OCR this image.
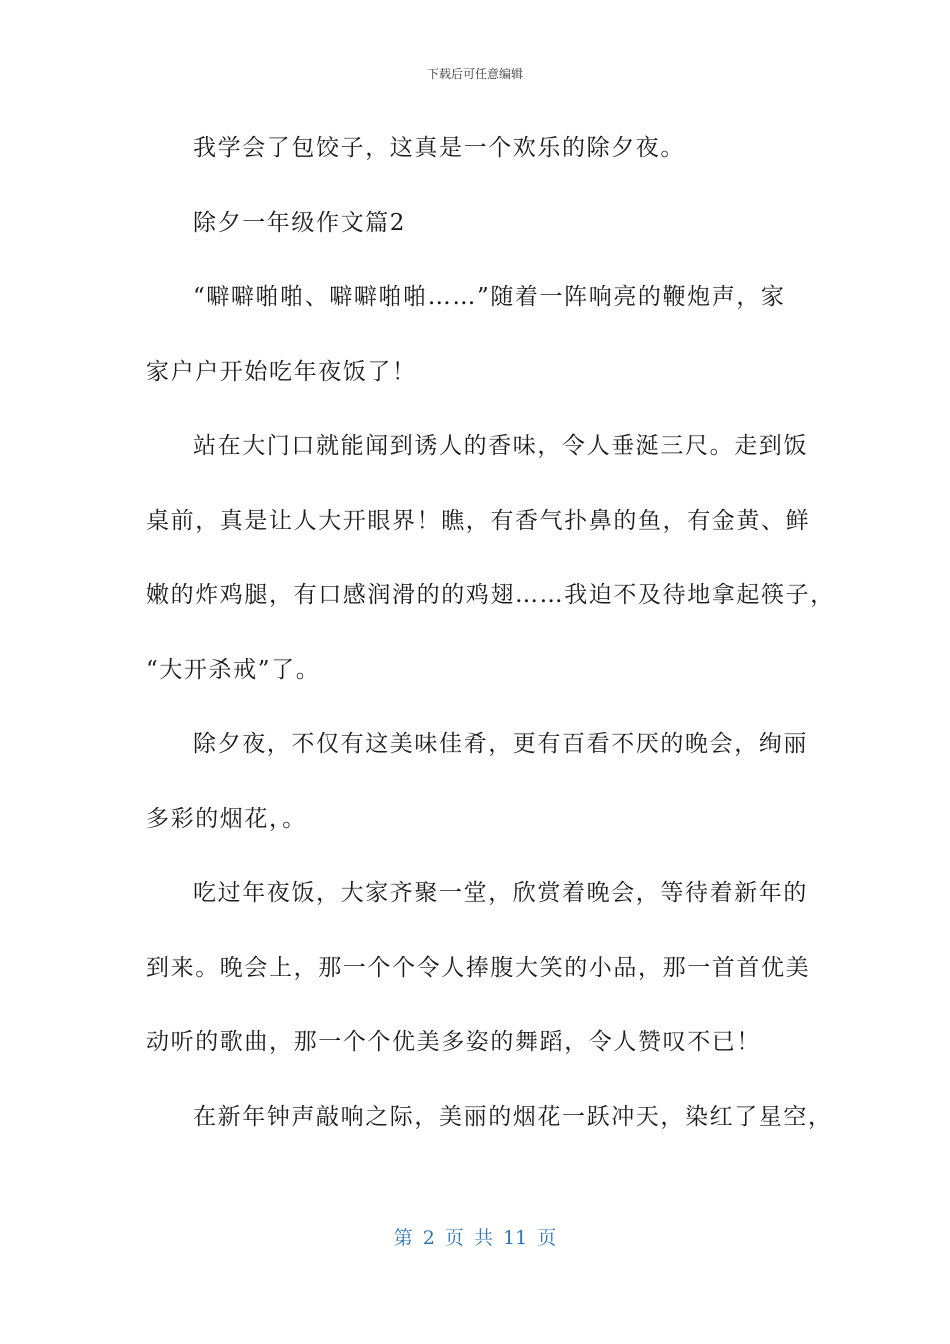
下载后可任意编辑
我学会了包饺子，这真是一个欢乐的除夕夜。
除夕一年级作文篇2
“噼噼啪啪、噼噼啪啪……”随着一阵响亮的鞭炮声，家
家户户开始吃年夜饭了！
站在大门口就能闻到诱人的香味，令人垂涎三尺。走到饭
桌前，真是让人大开眼界！瞧，有香气扑鼻的鱼，有金黄、鲜
嫩的炸鸡腿，有口感润滑的的鸡翅……我迫不及待地拿起筷子，
“大开杀戒”了。
除夕夜，不仅有这美味佳肴，更有百看不厌的晚会，绚丽
多彩的烟花，。
吃过年夜饭，大家齐聚一堂，欣赏着晚会，等待着新年的
到来。晚会上，那一个个令人捧腹大笑的小品，那一首首优美
动听的歌曲，那一个个优美多姿的舞蹈，令人赞叹不已！
在新年钟声敲响之际，美丽的烟花一跃冲天，染红了星空，
第 2 页 共 11 页
